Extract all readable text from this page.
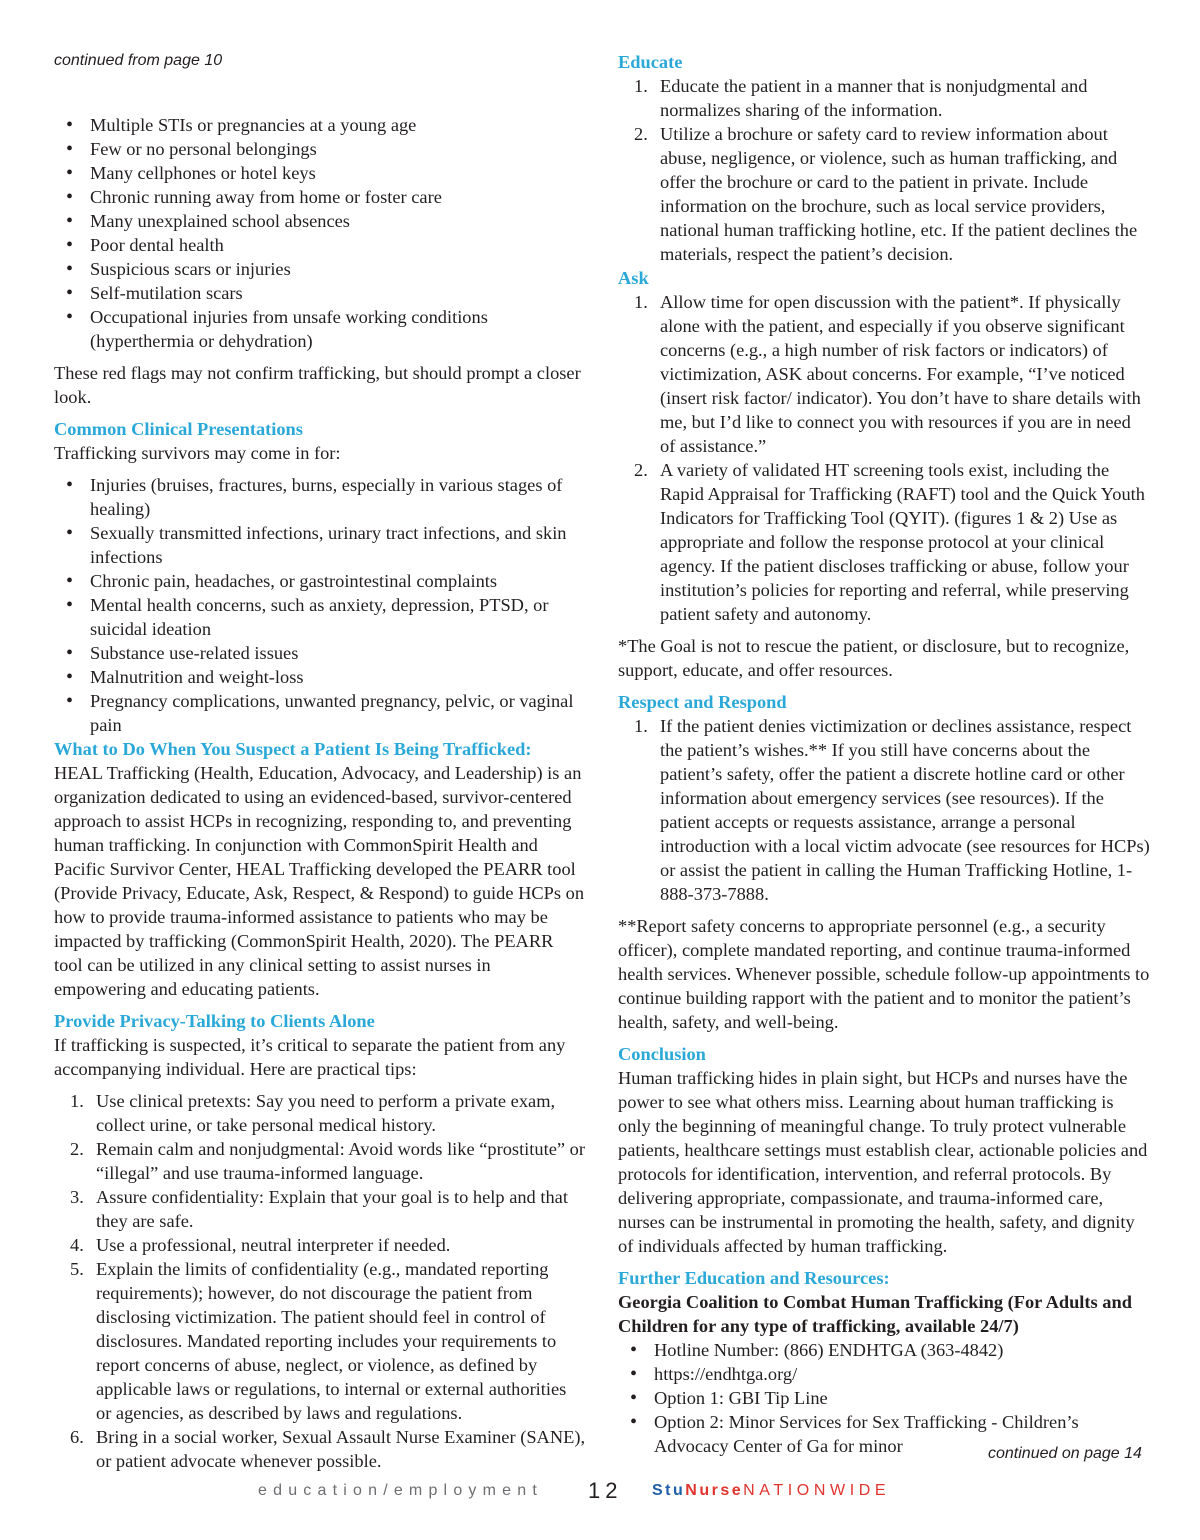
continued from page 10

• Multiple STIs or pregnancies at a young age
• Few or no personal belongings
• Many cellphones or hotel keys
• Chronic running away from home or foster care
• Many unexplained school absences
• Poor dental health
• Suspicious scars or injuries
• Self-mutilation scars
• Occupational injuries from unsafe working conditions (hyperthermia or dehydration)

These red flags may not confirm trafficking, but should prompt a closer look.

Common Clinical Presentations

Trafficking survivors may come in for:

• Injuries (bruises, fractures, burns, especially in various stages of healing)
• Sexually transmitted infections, urinary tract infections, and skin infections
• Chronic pain, headaches, or gastrointestinal complaints
• Mental health concerns, such as anxiety, depression, PTSD, or suicidal ideation
• Substance use-related issues
• Malnutrition and weight-loss
• Pregnancy complications, unwanted pregnancy, pelvic, or vaginal pain

What to Do When You Suspect a Patient Is Being Trafficked:

HEAL Trafficking (Health, Education, Advocacy, and Leadership) is an organization dedicated to using an evidenced-based, survivor-centered approach to assist HCPs in recognizing, responding to, and preventing human trafficking. In conjunction with CommonSpirit Health and Pacific Survivor Center, HEAL Trafficking developed the PEARR tool (Provide Privacy, Educate, Ask, Respect, & Respond) to guide HCPs on how to provide trauma-informed assistance to patients who may be impacted by trafficking (CommonSpirit Health, 2020). The PEARR tool can be utilized in any clinical setting to assist nurses in empowering and educating patients.

Provide Privacy-Talking to Clients Alone

If trafficking is suspected, it’s critical to separate the patient from any accompanying individual. Here are practical tips:

1. Use clinical pretexts: Say you need to perform a private exam, collect urine, or take personal medical history.
2. Remain calm and nonjudgmental: Avoid words like “prostitute” or “illegal” and use trauma-informed language.
3. Assure confidentiality: Explain that your goal is to help and that they are safe.
4. Use a professional, neutral interpreter if needed.
5. Explain the limits of confidentiality (e.g., mandated reporting requirements); however, do not discourage the patient from disclosing victimization. The patient should feel in control of disclosures. Mandated reporting includes your requirements to report concerns of abuse, neglect, or violence, as defined by applicable laws or regulations, to internal or external authorities or agencies, as described by laws and regulations.
6. Bring in a social worker, Sexual Assault Nurse Examiner (SANE), or patient advocate whenever possible.

Educate

1. Educate the patient in a manner that is nonjudgmental and normalizes sharing of the information.
2. Utilize a brochure or safety card to review information about abuse, negligence, or violence, such as human trafficking, and offer the brochure or card to the patient in private. Include information on the brochure, such as local service providers, national human trafficking hotline, etc. If the patient declines the materials, respect the patient’s decision.

Ask

1. Allow time for open discussion with the patient*. If physically alone with the patient, and especially if you observe significant concerns (e.g., a high number of risk factors or indicators) of victimization, ASK about concerns. For example, “I’ve noticed (insert risk factor/ indicator). You don’t have to share details with me, but I’d like to connect you with resources if you are in need of assistance.”
2. A variety of validated HT screening tools exist, including the Rapid Appraisal for Trafficking (RAFT) tool and the Quick Youth Indicators for Trafficking Tool (QYIT). (figures 1 & 2) Use as appropriate and follow the response protocol at your clinical agency. If the patient discloses trafficking or abuse, follow your institution’s policies for reporting and referral, while preserving patient safety and autonomy.

*The Goal is not to rescue the patient, or disclosure, but to recognize, support, educate, and offer resources.

Respect and Respond

1. If the patient denies victimization or declines assistance, respect the patient’s wishes.** If you still have concerns about the patient’s safety, offer the patient a discrete hotline card or other information about emergency services (see resources). If the patient accepts or requests assistance, arrange a personal introduction with a local victim advocate (see resources for HCPs) or assist the patient in calling the Human Trafficking Hotline, 1-888-373-7888.

**Report safety concerns to appropriate personnel (e.g., a security officer), complete mandated reporting, and continue trauma-informed health services. Whenever possible, schedule follow-up appointments to continue building rapport with the patient and to monitor the patient’s health, safety, and well-being.

Conclusion

Human trafficking hides in plain sight, but HCPs and nurses have the power to see what others miss. Learning about human trafficking is only the beginning of meaningful change. To truly protect vulnerable patients, healthcare settings must establish clear, actionable policies and protocols for identification, intervention, and referral protocols. By delivering appropriate, compassionate, and trauma-informed care, nurses can be instrumental in promoting the health, safety, and dignity of individuals affected by human trafficking.

Further Education and Resources:

Georgia Coalition to Combat Human Trafficking (For Adults and Children for any type of trafficking, available 24/7)

• Hotline Number: (866) ENDHTGA (363-4842)
• https://endhtga.org/
• Option 1: GBI Tip Line
• Option 2: Minor Services for Sex Trafficking - Children’s Advocacy Center of Ga for minor	continued on page 14

education/employment 12 StuNurseNATIONWIDE
